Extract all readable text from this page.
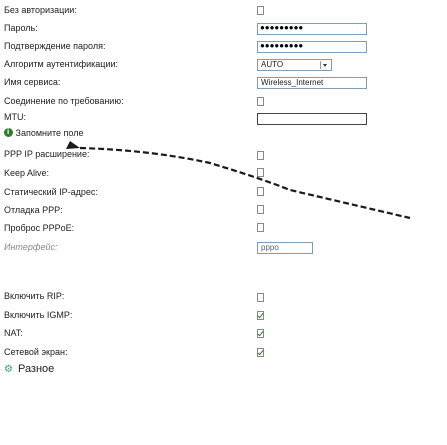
Без авторизации:
Пароль:	●●●●●●●●●
Подтверждение пароля:	●●●●●●●●●
Алгоритм аутентификации:	AUTO
Имя сервиса:	Wireless_Internet
Соединение по требованию:
MTU:
i Запомните поле
PPP IP расширение:
Keep Alive:
Статический IP-адрес:
Отладка PPP:
Проброс PPPoE:
Интерфейс:	pppo
⚙ Разное
Включить RIP:
Включить IGMP:
NAT:
Сетевой экран:
